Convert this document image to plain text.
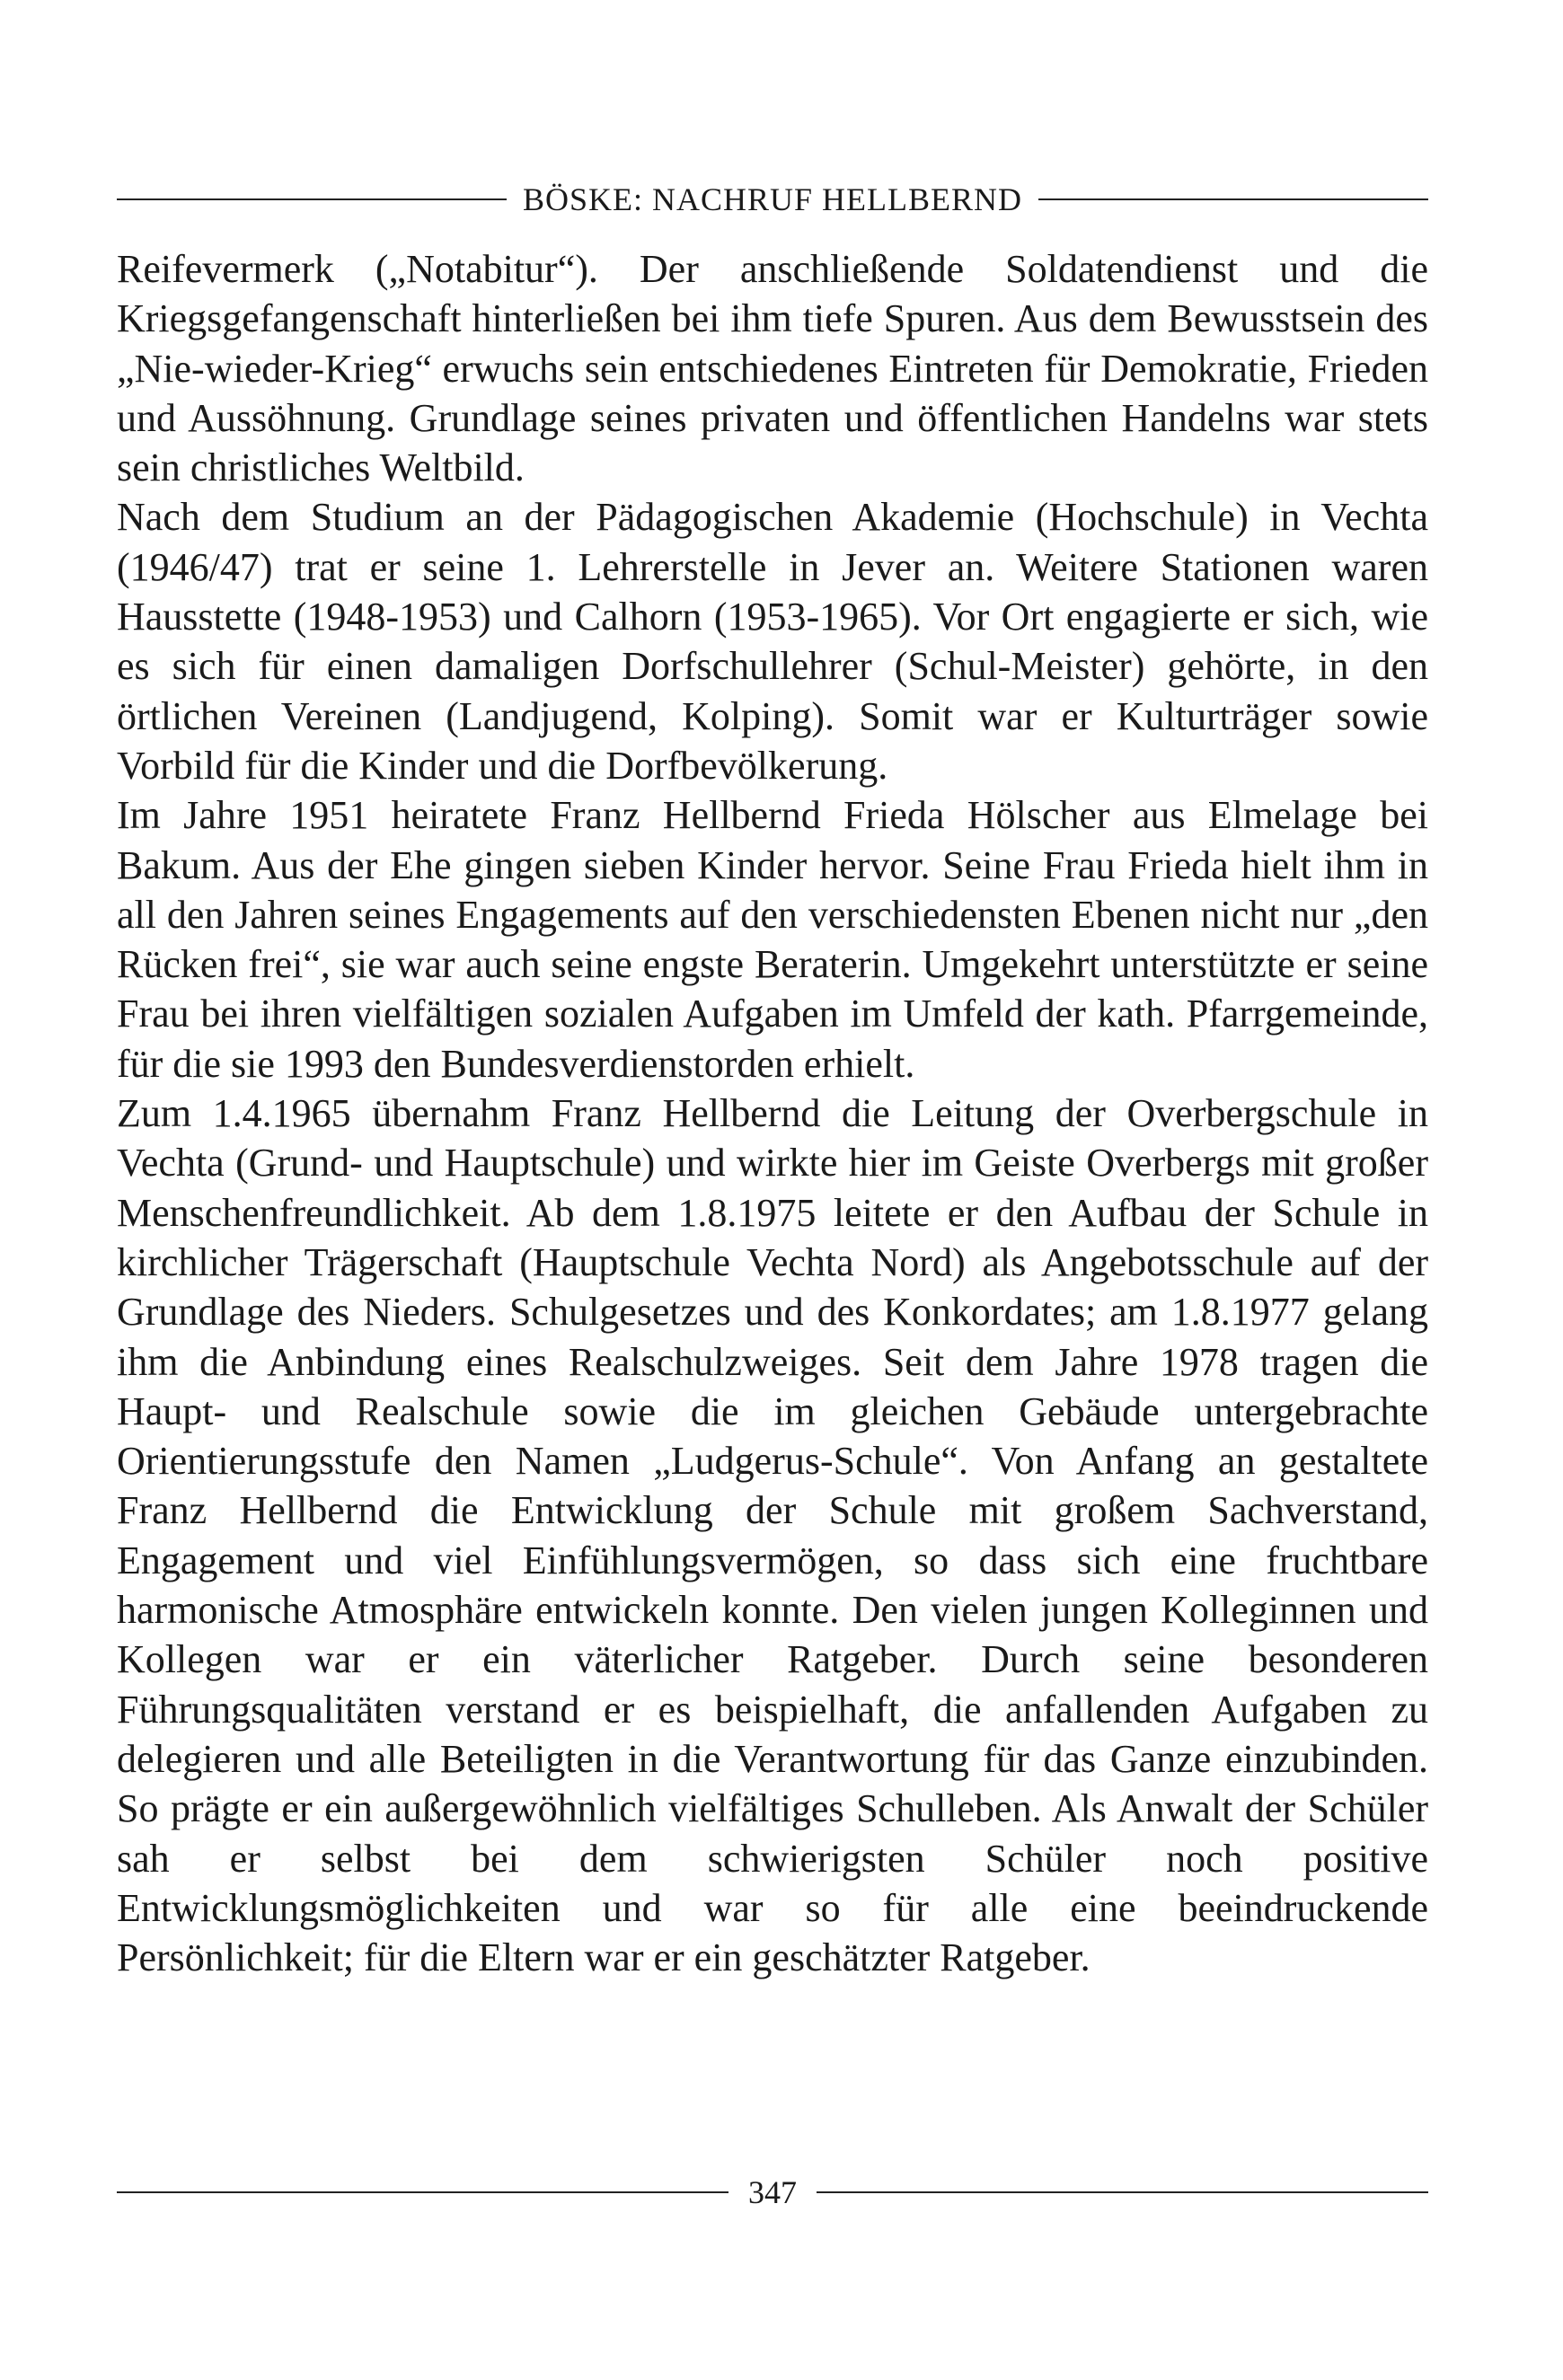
BÖSKE: NACHRUF HELLBERND

Reifevermerk („Notabitur“). Der anschließende Soldatendienst und die Kriegsgefangenschaft hinterließen bei ihm tiefe Spuren. Aus dem Bewusstsein des „Nie-wieder-Krieg“ erwuchs sein entschiedenes Eintreten für Demokratie, Frieden und Aussöhnung. Grundlage seines privaten und öffentlichen Handelns war stets sein christliches Weltbild.

Nach dem Studium an der Pädagogischen Akademie (Hochschule) in Vechta (1946/47) trat er seine 1. Lehrerstelle in Jever an. Weitere Stationen waren Hausstette (1948-1953) und Calhorn (1953-1965). Vor Ort engagierte er sich, wie es sich für einen damaligen Dorfschullehrer (Schul-Meister) gehörte, in den örtlichen Vereinen (Landjugend, Kolping). Somit war er Kulturträger sowie Vorbild für die Kinder und die Dorfbevölkerung.

Im Jahre 1951 heiratete Franz Hellbernd Frieda Hölscher aus Elmelage bei Bakum. Aus der Ehe gingen sieben Kinder hervor. Seine Frau Frieda hielt ihm in all den Jahren seines Engagements auf den verschiedensten Ebenen nicht nur „den Rücken frei“, sie war auch seine engste Beraterin. Umgekehrt unterstützte er seine Frau bei ihren vielfältigen sozialen Aufgaben im Umfeld der kath. Pfarrgemeinde, für die sie 1993 den Bundesverdienstorden erhielt.

Zum 1.4.1965 übernahm Franz Hellbernd die Leitung der Overbergschule in Vechta (Grund- und Hauptschule) und wirkte hier im Geiste Overbergs mit großer Menschenfreundlichkeit. Ab dem 1.8.1975 leitete er den Aufbau der Schule in kirchlicher Trägerschaft (Hauptschule Vechta Nord) als Angebotsschule auf der Grundlage des Nieders. Schulgesetzes und des Konkordates; am 1.8.1977 gelang ihm die Anbindung eines Realschulzweiges. Seit dem Jahre 1978 tragen die Haupt- und Realschule sowie die im gleichen Gebäude untergebrachte Orientierungsstufe den Namen „Ludgerus-Schule“. Von Anfang an gestaltete Franz Hellbernd die Entwicklung der Schule mit großem Sachverstand, Engagement und viel Einfühlungsvermögen, so dass sich eine fruchtbare harmonische Atmosphäre entwickeln konnte. Den vielen jungen Kolleginnen und Kollegen war er ein väterlicher Ratgeber. Durch seine besonderen Führungsqualitäten verstand er es beispielhaft, die anfallenden Aufgaben zu delegieren und alle Beteiligten in die Verantwortung für das Ganze einzubinden. So prägte er ein außergewöhnlich vielfältiges Schulleben. Als Anwalt der Schüler sah er selbst bei dem schwierigsten Schüler noch positive Entwicklungsmöglichkeiten und war so für alle eine beeindruckende Persönlichkeit; für die Eltern war er ein geschätzter Ratgeber.

347
